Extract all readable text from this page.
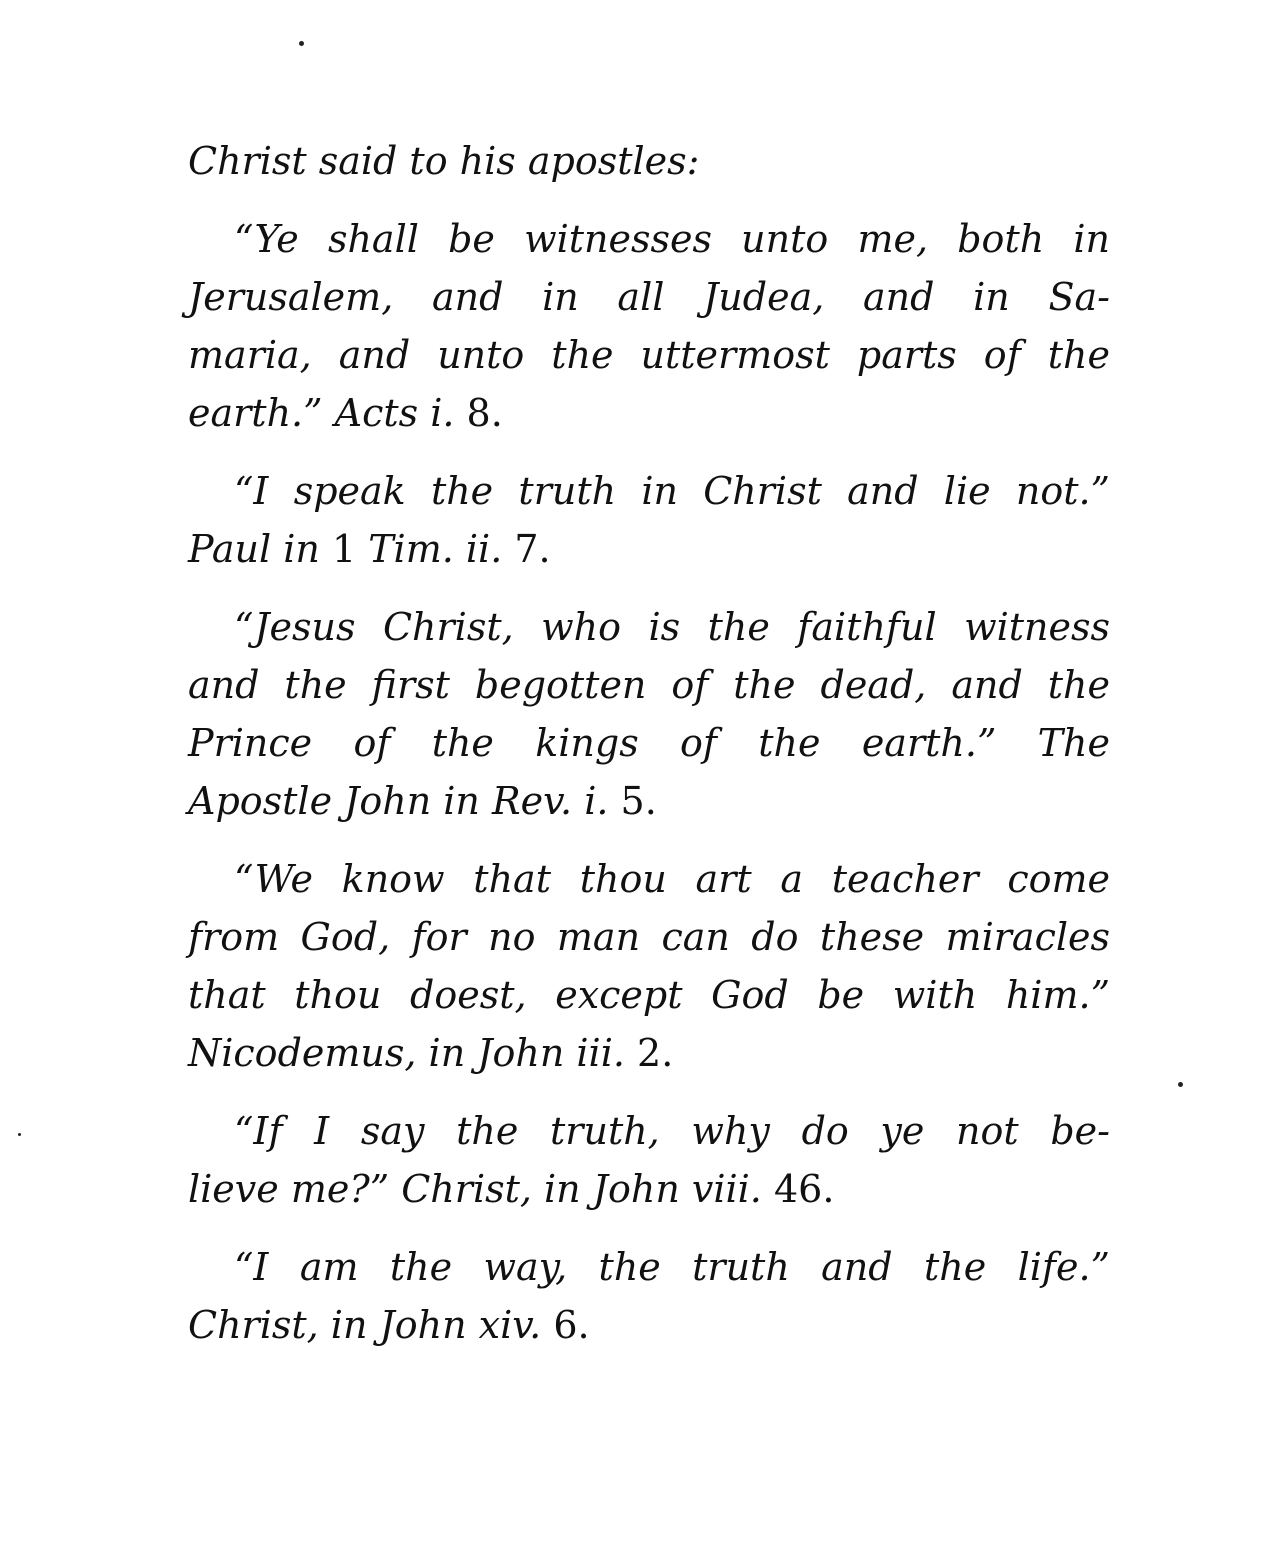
Christ said to his apostles:
“Ye shall be witnesses unto me, both in
Jerusalem, and in all Judea, and in Sa-
maria, and unto the uttermost parts of the
earth.” Acts i. 8.
“I speak the truth in Christ and lie not.”
Paul in 1 Tim. ii. 7.
“Jesus Christ, who is the faithful witness
and the first begotten of the dead, and the
Prince of the kings of the earth.” The
Apostle John in Rev. i. 5.
“We know that thou art a teacher come
from God, for no man can do these miracles
that thou doest, except God be with him.”
Nicodemus, in John iii. 2.
“If I say the truth, why do ye not be-
lieve me?” Christ, in John viii. 46.
“I am the way, the truth and the life.”
Christ, in John xiv. 6.
